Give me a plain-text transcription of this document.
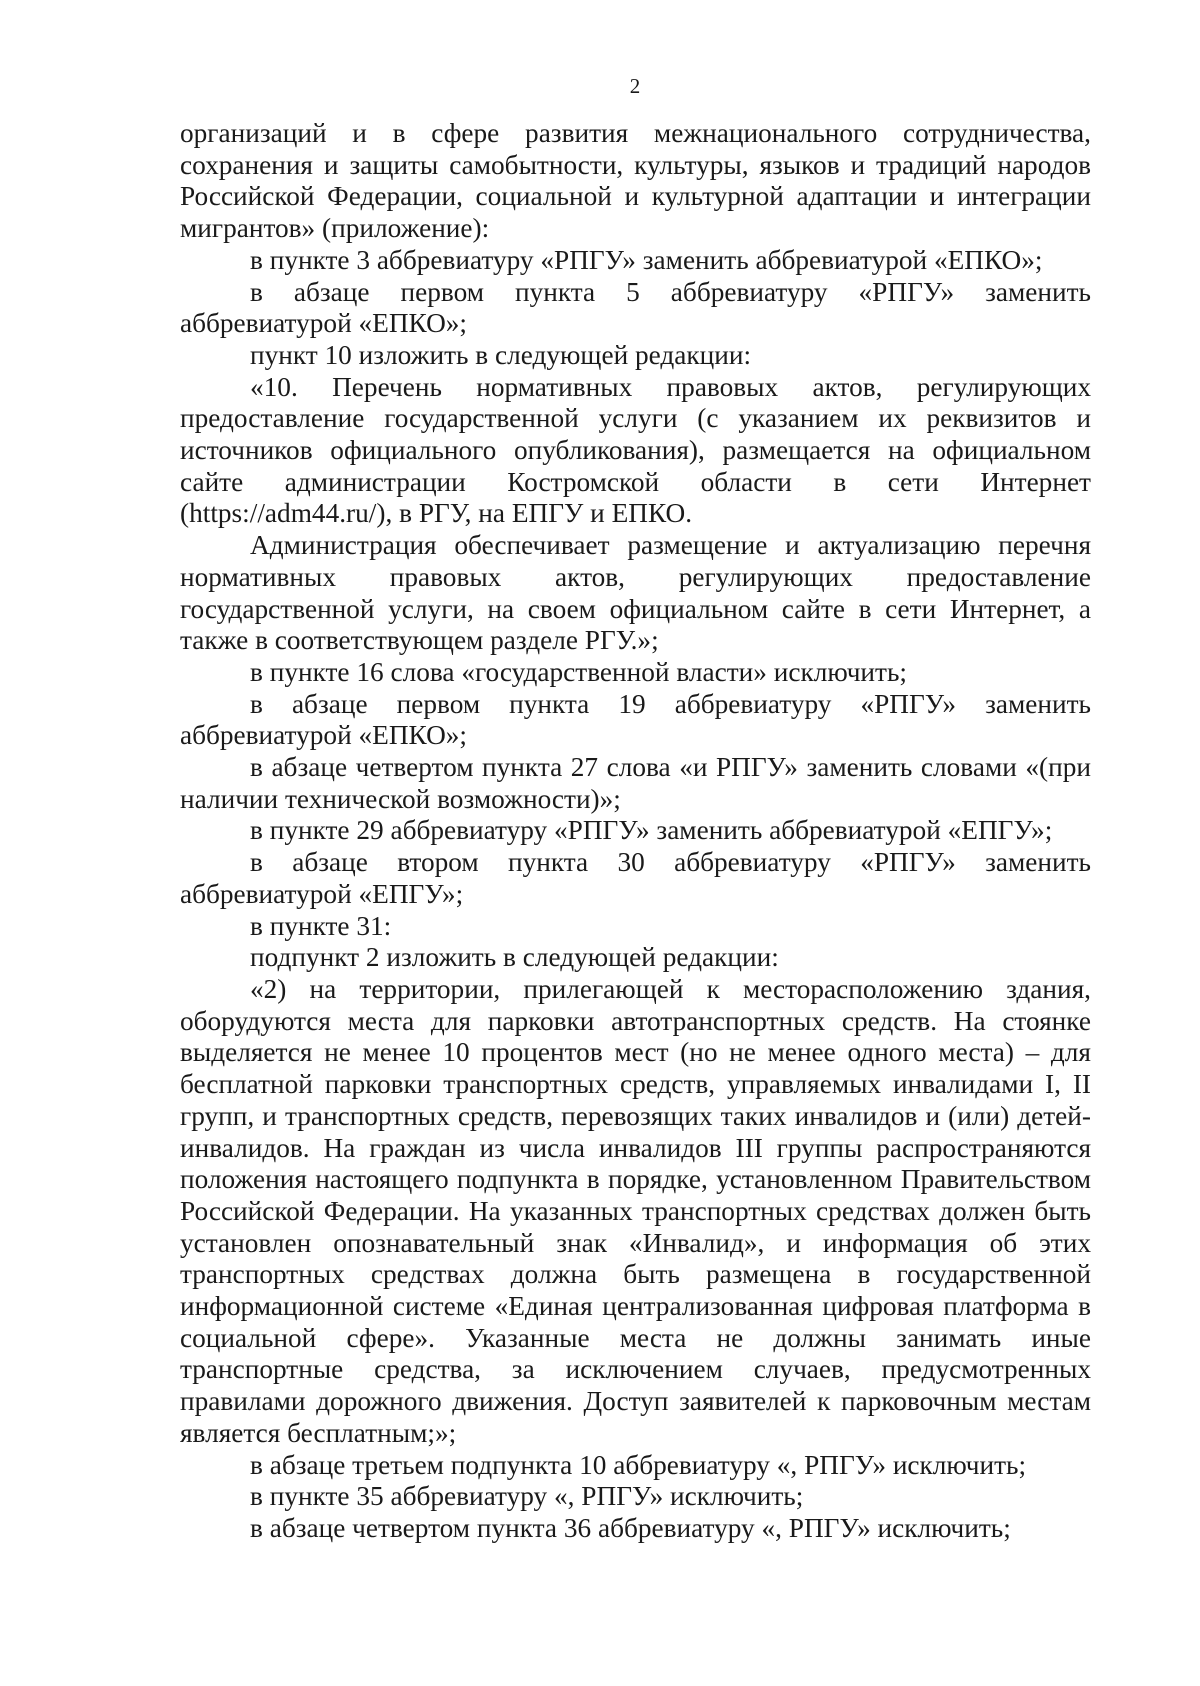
2

организаций и в сфере развития межнационального сотрудничества, сохранения и защиты самобытности, культуры, языков и традиций народов Российской Федерации, социальной и культурной адаптации и интеграции мигрантов» (приложение):

в пункте 3 аббревиатуру «РПГУ» заменить аббревиатурой «ЕПКО»;

в абзаце первом пункта 5 аббревиатуру «РПГУ» заменить аббревиатурой «ЕПКО»;

пункт 10 изложить в следующей редакции:

«10. Перечень нормативных правовых актов, регулирующих предоставление государственной услуги (с указанием их реквизитов и источников официального опубликования), размещается на официальном сайте администрации Костромской области в сети Интернет (https://adm44.ru/), в РГУ, на ЕПГУ и ЕПКО.

Администрация обеспечивает размещение и актуализацию перечня нормативных правовых актов, регулирующих предоставление государственной услуги, на своем официальном сайте в сети Интернет, а также в соответствующем разделе РГУ.»;

в пункте 16 слова «государственной власти» исключить;

в абзаце первом пункта 19 аббревиатуру «РПГУ» заменить аббревиатурой «ЕПКО»;

в абзаце четвертом пункта 27 слова «и РПГУ» заменить словами «(при наличии технической возможности)»;

в пункте 29 аббревиатуру «РПГУ» заменить аббревиатурой «ЕПГУ»;

в абзаце втором пункта 30 аббревиатуру «РПГУ» заменить аббревиатурой «ЕПГУ»;

в пункте 31:

подпункт 2 изложить в следующей редакции:

«2) на территории, прилегающей к месторасположению здания, оборудуются места для парковки автотранспортных средств. На стоянке выделяется не менее 10 процентов мест (но не менее одного места) – для бесплатной парковки транспортных средств, управляемых инвалидами I, II групп, и транспортных средств, перевозящих таких инвалидов и (или) детей-инвалидов. На граждан из числа инвалидов III группы распространяются положения настоящего подпункта в порядке, установленном Правительством Российской Федерации. На указанных транспортных средствах должен быть установлен опознавательный знак «Инвалид», и информация об этих транспортных средствах должна быть размещена в государственной информационной системе «Единая централизованная цифровая платформа в социальной сфере». Указанные места не должны занимать иные транспортные средства, за исключением случаев, предусмотренных правилами дорожного движения. Доступ заявителей к парковочным местам является бесплатным;»;

в абзаце третьем подпункта 10 аббревиатуру «, РПГУ» исключить;

в пункте 35 аббревиатуру «, РПГУ» исключить;

в абзаце четвертом пункта 36 аббревиатуру «, РПГУ» исключить;
